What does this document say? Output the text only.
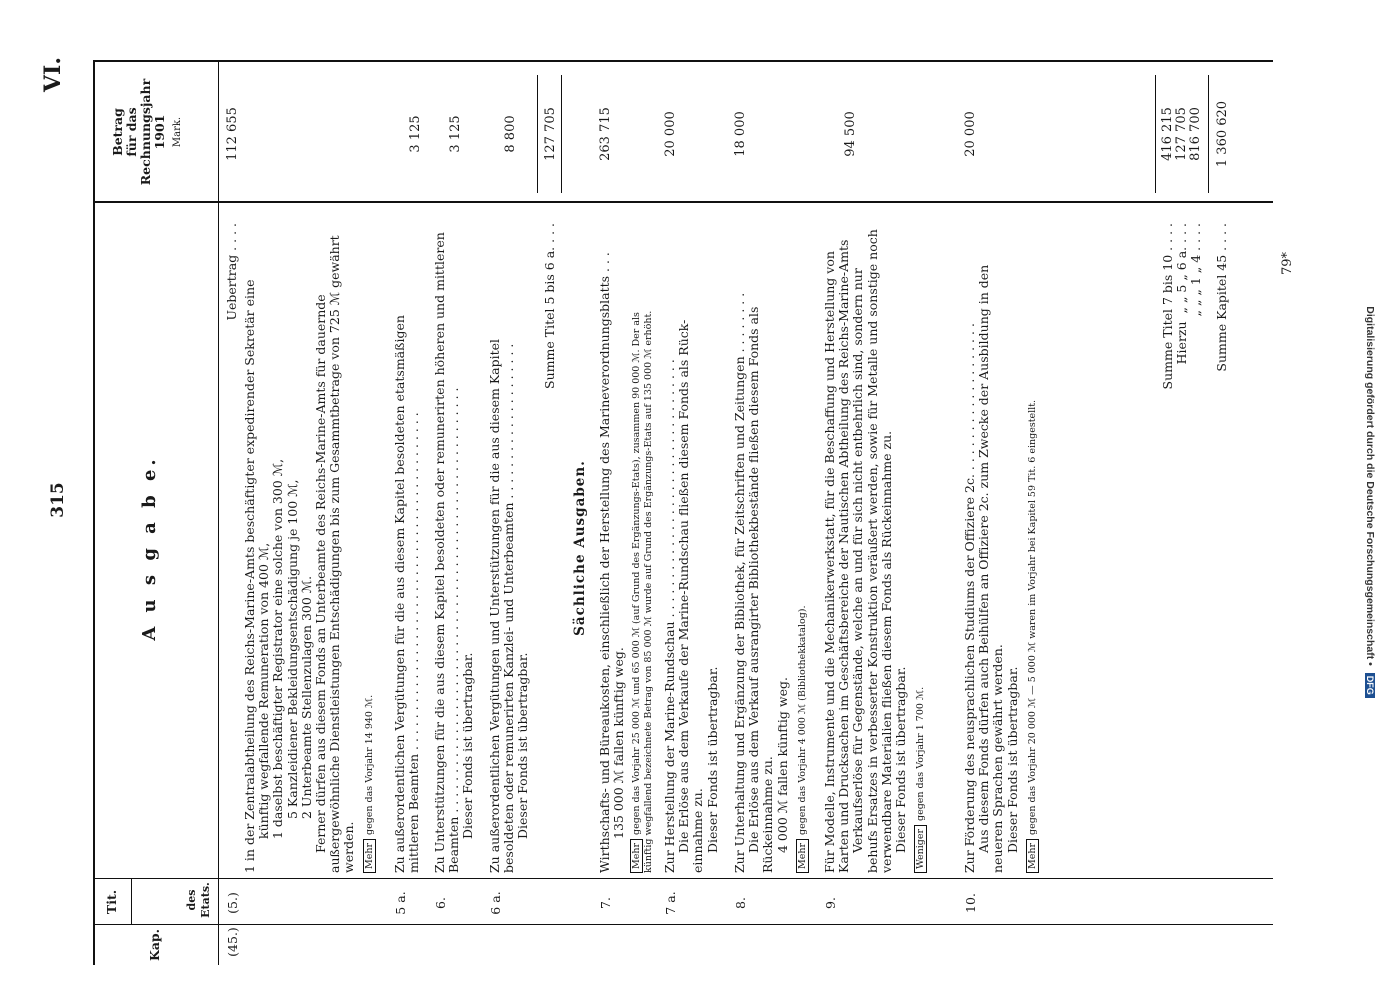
Digitalisierung gefördert durch die Deutsche Forschungsgemeinschaft • DFG
315
VI.
Kap.
Tit.	des Etats.
Betrag für das Rechnungsjahr 1901 Mark.
A u s g a b e.
(45.)
(5.)
Uebertrag . . . .
112 655
1 in der Zentralabtheilung des Reichs-Marine-Amts beschäftigter expedirender Sekretär eine künftig wegfallende Remuneration von 400 ℳ, 1 daselbst beschäftigter Registrator eine solche von 300 ℳ, 5 Kanzleidiener Bekleidungsentschädigung je 100 ℳ, 2 Unterbeamte Stellenzulagen 300 ℳ. Ferner dürfen aus diesem Fonds an Unterbeamte des Reichs-Marine-Amts für dauernde außergewöhnliche Dienstleistungen Entschädigungen bis zum Gesammtbetrage von 725 ℳ gewährt werden. Mehrgegen das Vorjahr 14 940 ℳ.
5 a.
Zu außerordentlichen Vergütungen für die aus diesem Kapitel besoldeten etatsmäßigen mittleren Beamten . . . . . . . . . . . . . . . . . . . . . . . . . . . . . . . . . . . . . . . . . . .
3 125
6.
Zu Unterstützungen für die aus diesem Kapitel besoldeten oder remunerirten höheren und mittleren Beamten . . . . . . . . . . . . . . . . . . . . . . . . . . . . . . . . . . . . . . . . . . . . . . . . . . . . . . Dieser Fonds ist übertragbar.
3 125
6 a.
Zu außerordentlichen Vergütungen und Unterstützungen für die aus diesem Kapitel besoldeten oder remunerirten Kanzlei- und Unterbeamten . . . . . . . . . . . . . . . . . . . . Dieser Fonds ist übertragbar.
8 800
Summe Titel 5 bis 6 a. . . .
127 705
Sächliche Ausgaben.
7.
Wirthschafts- und Büreaukosten, einschließlich der Herstellung des Marineverordnungsblatts . . . 135 000 ℳ fallen künftig weg.
Mehrgegen das Vorjahr 25 000 ℳ und 65 000 ℳ (auf Grund des Ergänzungs-Etats), zusammen 90 000 ℳ. Der als künftig wegfallend bezeichnete Betrag von 85 000 ℳ wurde auf Grund des Ergänzungs-Etats auf 135 000 ℳ erhöht.
263 715
7 a.
Zur Herstellung der Marine-Rundschau . . . . . . . . . . . . . . . . . . . . . . . . . . . . . . . . . Die Erlöse aus dem Verkaufe der Marine-Rundschau fließen diesem Fonds als Rück- einnahme zu. Dieser Fonds ist übertragbar.
20 000
8.
Zur Unterhaltung und Ergänzung der Bibliothek, für Zeitschriften und Zeitungen . . . . . . . . Die Erlöse aus dem Verkauf ausrangirter Bibliothekbestände fließen diesem Fonds als Rückeinnahme zu. 4 000 ℳ fallen künftig weg.
Mehrgegen das Vorjahr 4 000 ℳ (Bibliothekkatalog).
18 000
9.
Für Modelle, Instrumente und die Mechanikerwerkstatt, für die Beschaffung und Herstellung von Karten und Drucksachen im Geschäftsbereiche der Nautischen Abtheilung des Reichs-Marine-Amts Verkaufserlöse für Gegenstände, welche an und für sich nicht entbehrlich sind, sondern nur behufs Ersatzes in verbesserter Konstruktion veräußert werden, sowie für Metalle und sonstige noch verwendbare Materialien fließen diesem Fonds als Rückeinnahme zu. Dieser Fonds ist übertragbar. Wenigergegen das Vorjahr 1 700 ℳ.
94 500
10.
Zur Förderung des neusprachlichen Studiums der Offiziere 2c. . . . . . . . . . . . . . . . . . . . Aus diesem Fonds dürfen auch Beihülfen an Offiziere 2c. zum Zwecke der Ausbildung in den neueren Sprachen gewährt werden. Dieser Fonds ist übertragbar.
Mehrgegen das Vorjahr 20 000 ℳ — 5 000 ℳ waren im Vorjahr bei Kapitel 59 Tit. 6 eingestellt.
20 000
Summe Titel 7 bis 10 . . . . Hierzu  „ „ 5 „ 6 a. . . . „ „ „ 1 „ 4 . . . .
416 215 127 705 816 700
Summe Kapitel 45 . . . .
1 360 620
79*
